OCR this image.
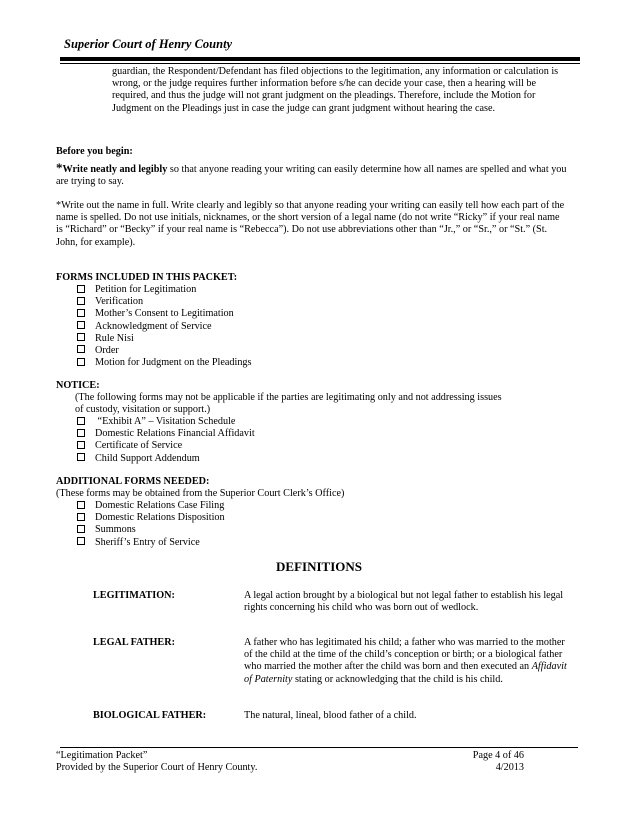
Superior Court of Henry County
guardian, the Respondent/Defendant has filed objections to the legitimation, any information or calculation is
wrong, or the judge requires further information before s/he can decide your case, then a hearing will be
required, and thus the judge will not grant judgment on the pleadings. Therefore, include the Motion for
Judgment on the Pleadings just in case the judge can grant judgment without hearing the case.
Before you begin:
*Write neatly and legibly so that anyone reading your writing can easily determine how all names are spelled and what you
are trying to say.
*Write out the name in full. Write clearly and legibly so that anyone reading your writing can easily tell how each part of the
name is spelled. Do not use initials, nicknames, or the short version of a legal name (do not write “Ricky” if your real name
is “Richard” or “Becky” if your real name is “Rebecca”). Do not use abbreviations other than “Jr.,” or “Sr.,” or “St.” (St.
John, for example).
FORMS INCLUDED IN THIS PACKET:
Petition for Legitimation
Verification
Mother’s Consent to Legitimation
Acknowledgment of Service
Rule Nisi
Order
Motion for Judgment on the Pleadings
NOTICE:
(The following forms may not be applicable if the parties are legitimating only and not addressing issues
of custody, visitation or support.)
“Exhibit A” – Visitation Schedule
Domestic Relations Financial Affidavit
Certificate of Service
Child Support Addendum
ADDITIONAL FORMS NEEDED:
(These forms may be obtained from the Superior Court Clerk’s Office)
Domestic Relations Case Filing
Domestic Relations Disposition
Summons
Sheriff’s Entry of Service
DEFINITIONS
LEGITIMATION:	A legal action brought by a biological but not legal father to establish his legal
rights concerning his child who was born out of wedlock.
LEGAL FATHER:	A father who has legitimated his child; a father who was married to the mother
of the child at the time of the child’s conception or birth; or a biological father
who married the mother after the child was born and then executed an Affidavit
of Paternity stating or acknowledging that the child is his child.
BIOLOGICAL FATHER:	The natural, lineal, blood father of a child.
“Legitimation Packet”
Provided by the Superior Court of Henry County.
Page 4 of 46
4/2013
